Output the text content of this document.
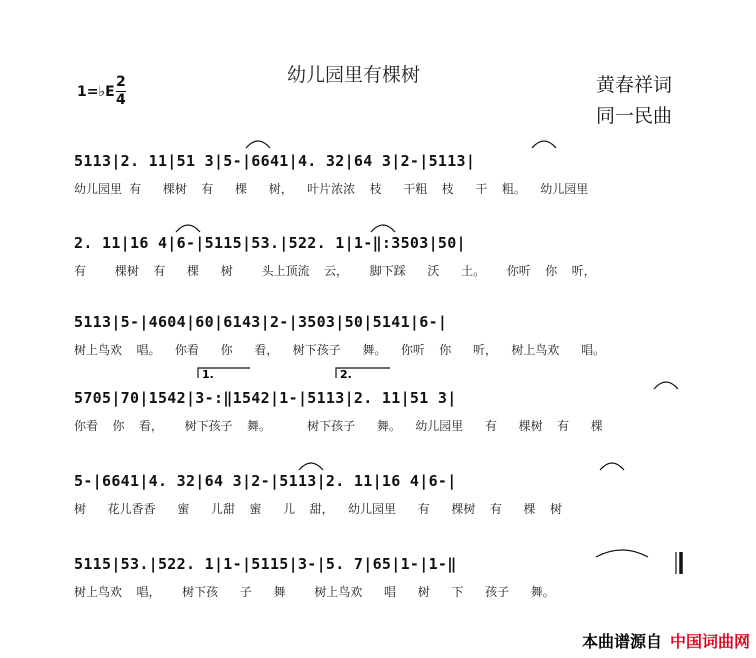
幼儿园里有棵树	黄春祥词
同一民曲
1=♭E
2
4
1.	2.
5113|2. 11|51 3|5-|6641|4. 32|64 3|2-|5113|
幼儿园里 有   棵树  有   棵   树，  叶片浓浓  枝   干粗  枝   干  粗。  幼儿园里
2. 11|16 4|6-|5115|53.|522. 1|1-‖:3503|50|
有    棵树  有   棵   树    头上顶流  云，   脚下踩   沃   土。   你听  你  听，
5113|5-|4604|60|6143|2-|3503|50|5141|6-|
树上鸟欢  唱。  你看   你   看，  树下孩子   舞。  你听  你   听，  树上鸟欢   唱。
5705|70|1542|3-:‖1542|1-|5113|2. 11|51 3|
你看  你  看，   树下孩子  舞。     树下孩子   舞。  幼儿园里   有   棵树  有   棵
5-|6641|4. 32|64 3|2-|5113|2. 11|16 4|6-|
树   花儿香香   蜜   儿甜  蜜   儿  甜，  幼儿园里   有   棵树  有   棵  树
5115|53.|522. 1|1-|5115|3-|5. 7|65|1-|1-‖
树上鸟欢  唱，   树下孩   子   舞    树上鸟欢   唱   树   下   孩子   舞。
本曲谱源自 中国词曲网
